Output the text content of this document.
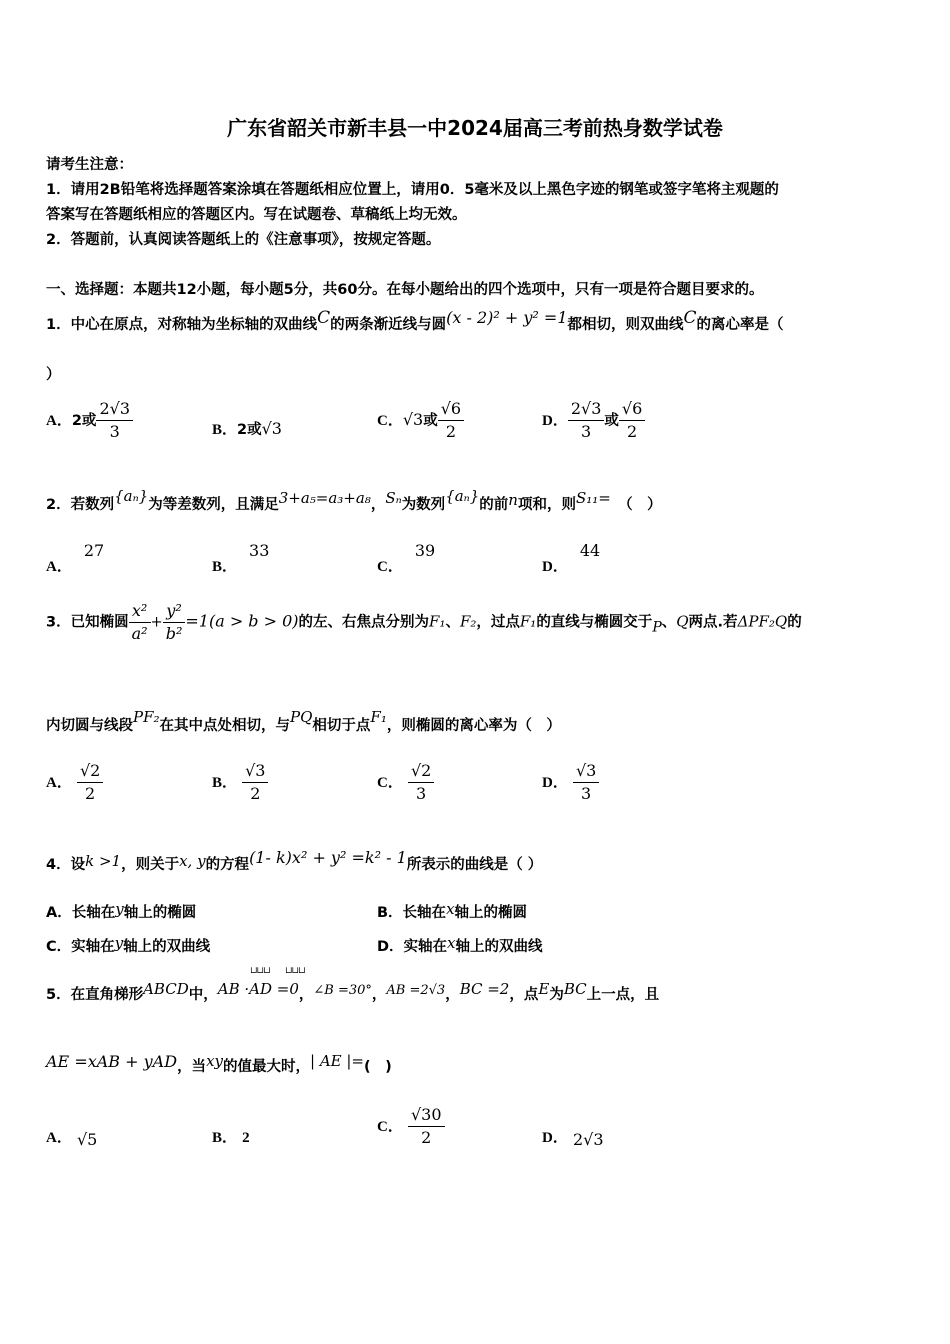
广东省韶关市新丰县一中2024届高三考前热身数学试卷
请考生注意：
1．请用2B铅笔将选择题答案涂填在答题纸相应位置上，请用0．5毫米及以上黑色字迹的钢笔或签字笔将主观题的
答案写在答题纸相应的答题区内。写在试题卷、草稿纸上均无效。
2．答题前，认真阅读答题纸上的《注意事项》，按规定答题。
一、选择题：本题共12小题，每小题5分，共60分。在每小题给出的四个选项中，只有一项是符合题目要求的。
1．中心在原点，对称轴为坐标轴的双曲线C的两条渐近线与圆(x - 2)² + y² =1都相切，则双曲线C的离心率是（
）
A．2或 $\frac{2√3}{3}$	B．2或√3	C．√3或 $\frac{√6}{2}$	D． $\frac{2√3}{3}$ 或 $\frac{√6}{2}$
2．若数列{aₙ}为等差数列，且满足3+a₅=a₃+a₈，Sₙ为数列{aₙ}的前n项和，则S₁₁=　 （　）
A．27
B．33
C．39
D．44
3．已知椭圆 $\frac{\text{x²}}{\text{a²}} + \frac{\text{y²}}{\text{b²}} =1(a > b > 0)$的左、右焦点分别为F₁、F₂，过点F₁的直线与椭圆交于P、Q两点.若ΔPF₂Q的
内切圆与线段PF₂在其中点处相切，与PQ相切于点F₁，则椭圆的离心率为（　）
A． $\frac{√2}{2}$	B． $\frac{√3}{2}$	C． $\frac{√2}{3}$	D． $\frac{√3}{3}$
4．设k >1，则关于x, y的方程(1- k)x² + y² =k² - 1所表示的曲线是（ ）
A．长轴在y轴上的椭圆	B．长轴在x轴上的椭圆
C．实轴在y轴上的双曲线	D．实轴在x轴上的双曲线
5．在直角梯形ABCD中，AB ·AD =0，∠B =30°，AB =2√3，BC =2，点E为BC上一点，且
⊔⊔⊔ ⊔⊔⊔
AE =xAB + yAD，当xy的值最大时，| AE |=(　)
A． √5	B． 2
C． $\frac{√30}{2}$	D． 2√3
